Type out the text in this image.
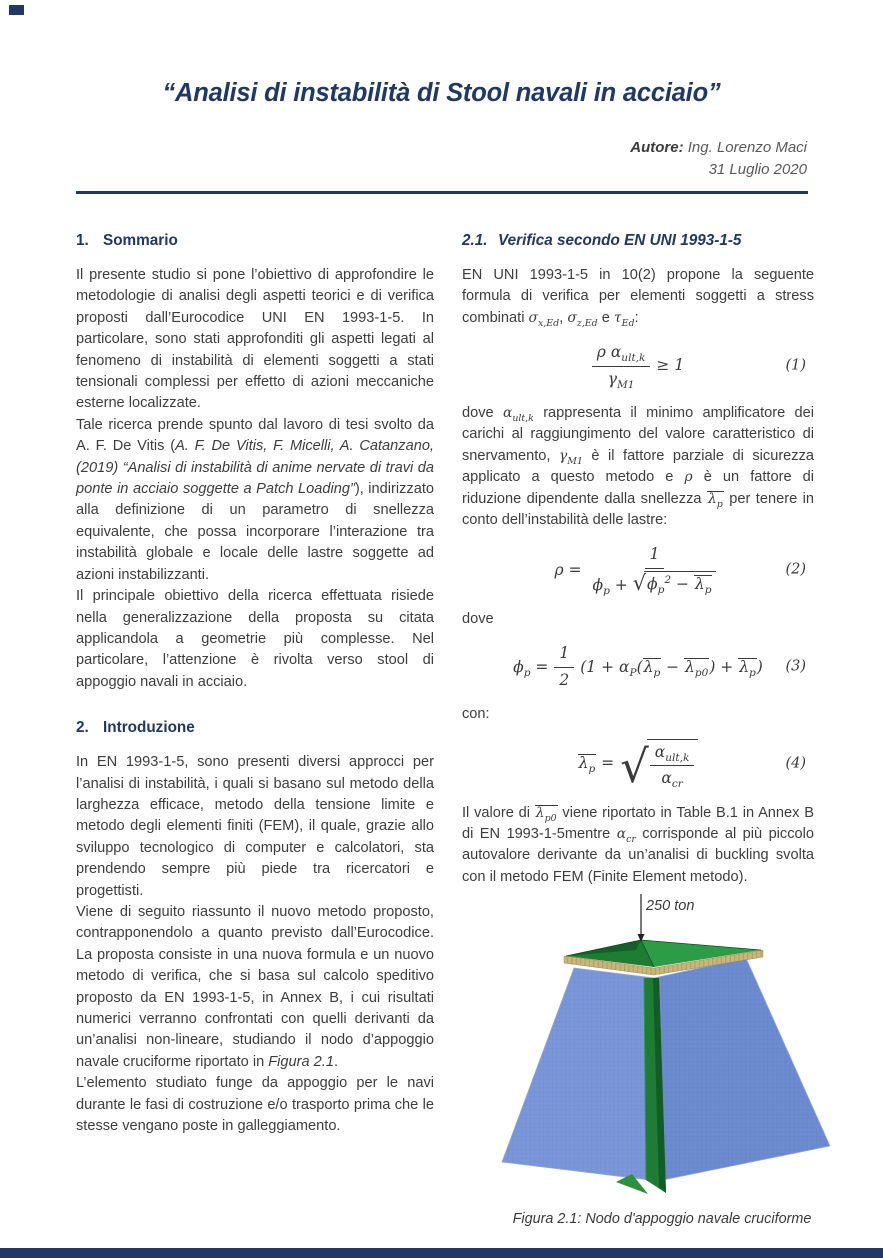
“Analisi di instabilità di Stool navali in acciaio”
Autore: Ing. Lorenzo Maci
31 Luglio 2020
1. Sommario

Il presente studio si pone l’obiettivo di approfondire le metodologie di analisi degli aspetti teorici e di verifica proposti dall’Eurocodice UNI EN 1993-1-5. In particolare, sono stati approfonditi gli aspetti legati al fenomeno di instabilità di elementi soggetti a stati tensionali complessi per effetto di azioni meccaniche esterne localizzate.

Tale ricerca prende spunto dal lavoro di tesi svolto da A. F. De Vitis (A. F. De Vitis, F. Micelli, A. Catanzano, (2019) “Analisi di instabilità di anime nervate di travi da ponte in acciaio soggette a Patch Loading”), indirizzato alla definizione di un parametro di snellezza equivalente, che possa incorporare l’interazione tra instabilità globale e locale delle lastre soggette ad azioni instabilizzanti.

Il principale obiettivo della ricerca effettuata risiede nella generalizzazione della proposta su citata applicandola a geometrie più complesse. Nel particolare, l’attenzione è rivolta verso stool di appoggio navali in acciaio.

2. Introduzione

In EN 1993-1-5, sono presenti diversi approcci per l’analisi di instabilità, i quali si basano sul metodo della larghezza efficace, metodo della tensione limite e metodo degli elementi finiti (FEM), il quale, grazie allo sviluppo tecnologico di computer e calcolatori, sta prendendo sempre più piede tra ricercatori e progettisti.

Viene di seguito riassunto il nuovo metodo proposto, contrapponendolo a quanto previsto dall’Eurocodice. La proposta consiste in una nuova formula e un nuovo metodo di verifica, che si basa sul calcolo speditivo proposto da EN 1993-1-5, in Annex B, i cui risultati numerici verranno confrontati con quelli derivanti da un’analisi non-lineare, studiando il nodo d’appoggio navale cruciforme riportato in Figura 2.1.

L’elemento studiato funge da appoggio per le navi durante le fasi di costruzione e/o trasporto prima che le stesse vengano poste in galleggiamento.

2.1. Verifica secondo EN UNI 1993-1-5

EN UNI 1993-1-5 in 10(2) propone la seguente formula di verifica per elementi soggetti a stress combinati $\sigma_{x,Ed}$, $\sigma_{z,Ed}$ e $\tau_{Ed}$:

$\frac{\rho \alpha_{ult,k}}{\gamma_{M1}} \ge 1$	(1)

dove $\alpha_{ult,k}$ rappresenta il minimo amplificatore dei carichi al raggiungimento del valore caratteristico di snervamento, $\gamma_{M1}$ è il fattore parziale di sicurezza applicato a questo metodo e ρ è un fattore di riduzione dipendente dalla snellezza $\lambda_p$ per tenere in conto dell’instabilità delle lastre:

$\rho = \frac{1}{\phi_p + √ \phi_p^2 - \lambda_p}$	(2)

dove

$\phi_p = \frac{1}{2} (1 + \alpha_P(\lambda_p - \lambda_{p0}) + \lambda_p)$ (3)

con:

$\lambda_p$ = √ $\frac{\alpha_{ult,k}}{\alpha_{cr}}$	(4)

Il valore di $\lambda_{p0}$ viene riportato in Table B.1 in Annex B di EN 1993-1-5mentre $\alpha_{cr}$ corrisponde al più piccolo autovalore derivante da un’analisi di buckling svolta con il metodo FEM (Finite Element metodo).

250 ton
Figura 2.1: Nodo d'appoggio navale cruciforme
